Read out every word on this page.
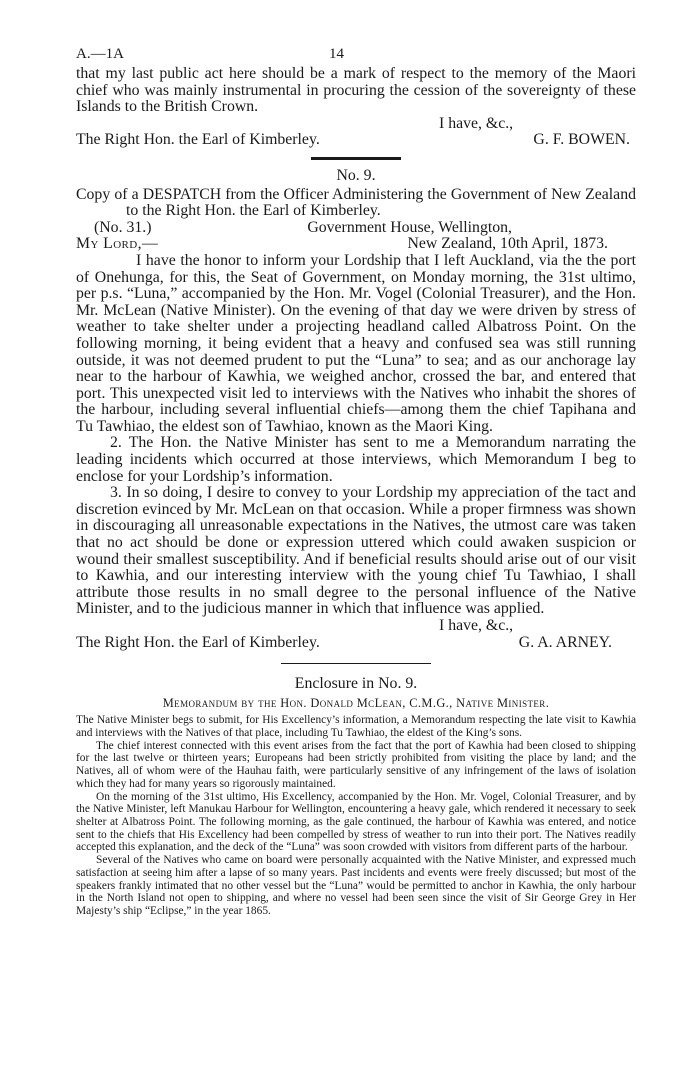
A.—1A	14

that my last public act here should be a mark of respect to the memory of the Maori chief who was mainly instrumental in procuring the cession of the sovereignty of these Islands to the British Crown.

I have, &c.,
The Right Hon. the Earl of Kimberley.	G. F. BOWEN.
No. 9.

Copy of a DESPATCH from the Officer Administering the Government of New Zealand to the Right Hon. the Earl of Kimberley.

(No. 31.)	Government House, Wellington,
My Lord,—	New Zealand, 10th April, 1873.

I have the honor to inform your Lordship that I left Auckland, via the the port of Onehunga, for this, the Seat of Government, on Monday morning, the 31st ultimo, per p.s. “Luna,” accompanied by the Hon. Mr. Vogel (Colonial Treasurer), and the Hon. Mr. McLean (Native Minister). On the evening of that day we were driven by stress of weather to take shelter under a projecting headland called Albatross Point. On the following morning, it being evident that a heavy and confused sea was still running outside, it was not deemed prudent to put the “Luna” to sea; and as our anchorage lay near to the harbour of Kawhia, we weighed anchor, crossed the bar, and entered that port. This unexpected visit led to interviews with the Natives who inhabit the shores of the harbour, including several influential chiefs—among them the chief Tapihana and Tu Tawhiao, the eldest son of Tawhiao, known as the Maori King.

2. The Hon. the Native Minister has sent to me a Memorandum narrating the leading incidents which occurred at those interviews, which Memorandum I beg to enclose for your Lordship’s information.

3. In so doing, I desire to convey to your Lordship my appreciation of the tact and discretion evinced by Mr. McLean on that occasion. While a proper firmness was shown in discouraging all unreasonable expectations in the Natives, the utmost care was taken that no act should be done or expression uttered which could awaken suspicion or wound their smallest susceptibility. And if beneficial results should arise out of our visit to Kawhia, and our interesting interview with the young chief Tu Tawhiao, I shall attribute those results in no small degree to the personal influence of the Native Minister, and to the judicious manner in which that influence was applied.

I have, &c.,
The Right Hon. the Earl of Kimberley.	G. A. ARNEY.
Enclosure in No. 9.
Memorandum by the Hon. Donald McLean, C.M.G., Native Minister.

The Native Minister begs to submit, for His Excellency’s information, a Memorandum respecting the late visit to Kawhia and interviews with the Natives of that place, including Tu Tawhiao, the eldest of the King’s sons.

The chief interest connected with this event arises from the fact that the port of Kawhia had been closed to shipping for the last twelve or thirteen years; Europeans had been strictly prohibited from visiting the place by land; and the Natives, all of whom were of the Hauhau faith, were particularly sensitive of any infringement of the laws of isolation which they had for many years so rigorously maintained.

On the morning of the 31st ultimo, His Excellency, accompanied by the Hon. Mr. Vogel, Colonial Treasurer, and by the Native Minister, left Manukau Harbour for Wellington, encountering a heavy gale, which rendered it necessary to seek shelter at Albatross Point. The following morning, as the gale continued, the harbour of Kawhia was entered, and notice sent to the chiefs that His Excellency had been compelled by stress of weather to run into their port. The Natives readily accepted this explanation, and the deck of the “Luna” was soon crowded with visitors from different parts of the harbour.

Several of the Natives who came on board were personally acquainted with the Native Minister, and expressed much satisfaction at seeing him after a lapse of so many years. Past incidents and events were freely discussed; but most of the speakers frankly intimated that no other vessel but the “Luna” would be permitted to anchor in Kawhia, the only harbour in the North Island not open to shipping, and where no vessel had been seen since the visit of Sir George Grey in Her Majesty’s ship “Eclipse,” in the year 1865.
